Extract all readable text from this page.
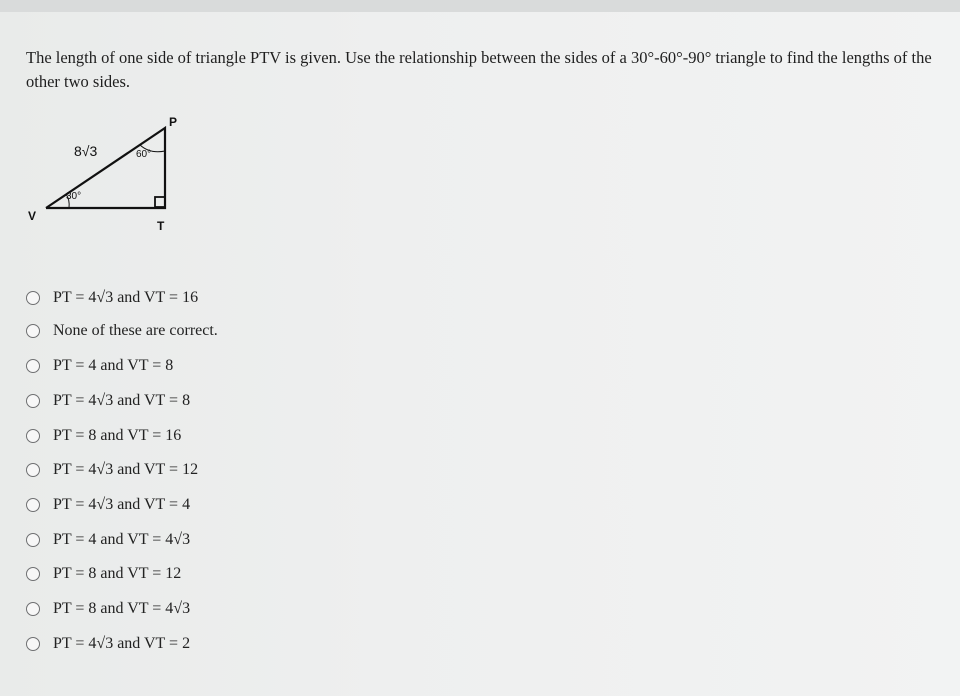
The length of one side of triangle PTV is given. Use the relationship between the sides of a 30°-60°-90° triangle to find the lengths of the other two sides.
P
T
V
8√3	60°
30°
PT = 4√3 and VT = 16
None of these are correct.
PT = 4 and VT = 8
PT = 4√3 and VT = 8
PT = 8 and VT = 16
PT = 4√3 and VT = 12
PT = 4√3 and VT = 4
PT = 4 and VT = 4√3
PT = 8 and VT = 12
PT = 8 and VT = 4√3
PT = 4√3 and VT = 2
